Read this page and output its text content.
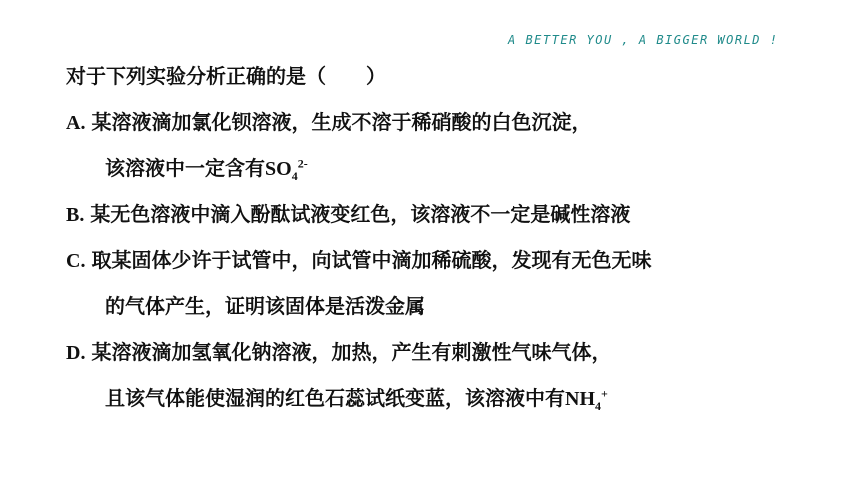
A BETTER YOU , A BIGGER WORLD !
对于下列实验分析正确的是（　　）
A. 某溶液滴加氯化钡溶液，生成不溶于稀硝酸的白色沉淀，
该溶液中一定含有$SO_4^{2-}$
B. 某无色溶液中滴入酚酞试液变红色，该溶液不一定是碱性溶液
C. 取某固体少许于试管中，向试管中滴加稀硫酸，发现有无色无味
的气体产生，证明该固体是活泼金属
D. 某溶液滴加氢氧化钠溶液，加热，产生有刺激性气味气体，
且该气体能使湿润的红色石蕊试纸变蓝，该溶液中有$NH_4^+$
